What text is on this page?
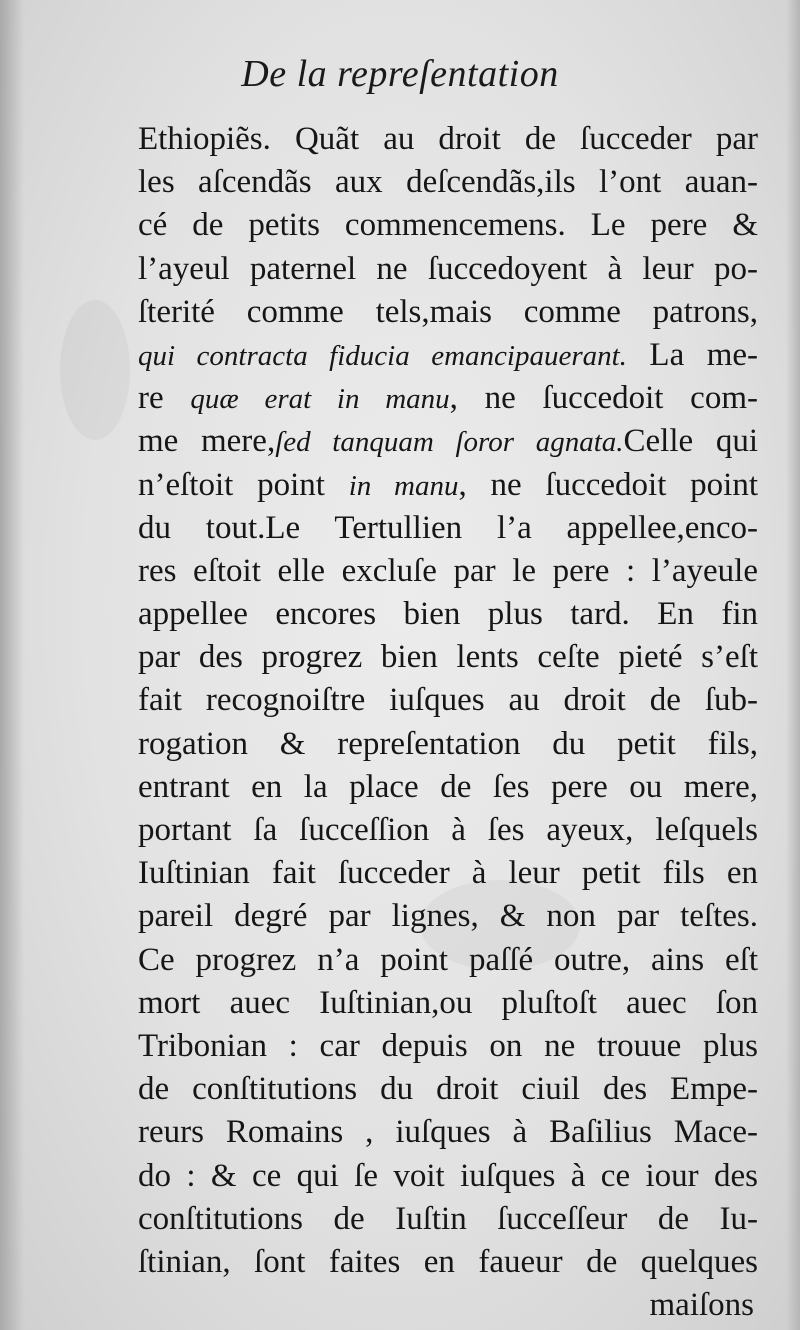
De la repreſentation
Ethiopiẽs. Quãt au droit de ſucceder par
les aſcendãs aux deſcendãs,ils l’ont auan-
cé de petits commencemens. Le pere &
l’ayeul paternel ne ſuccedoyent à leur po-
ſterité comme tels,mais comme patrons,
qui contracta fiducia emancipauerant. La me-
re quæ erat in manu, ne ſuccedoit com-
me mere,ſed tanquam ſoror agnata.Celle qui
n’eſtoit point in manu, ne ſuccedoit point
du tout.Le Tertullien l’a appellee,enco-
res eſtoit elle excluſe par le pere : l’ayeule
appellee encores bien plus tard. En fin
par des progrez bien lents ceſte pieté s’eſt
fait recognoiſtre iuſques au droit de ſub-
rogation & repreſentation du petit fils,
entrant en la place de ſes pere ou mere,
portant ſa ſucceſſion à ſes ayeux, leſquels
Iuſtinian fait ſucceder à leur petit fils en
pareil degré par lignes, & non par teſtes.
Ce progrez n’a point paſſé outre, ains eſt
mort auec Iuſtinian,ou pluſtoſt auec ſon
Tribonian : car depuis on ne trouue plus
de conſtitutions du droit ciuil des Empe-
reurs Romains , iuſques à Baſilius Mace-
do : & ce qui ſe voit iuſques à ce iour des
conſtitutions de Iuſtin ſucceſſeur de Iu-
ſtinian, ſont faites en faueur de quelques
maiſons
